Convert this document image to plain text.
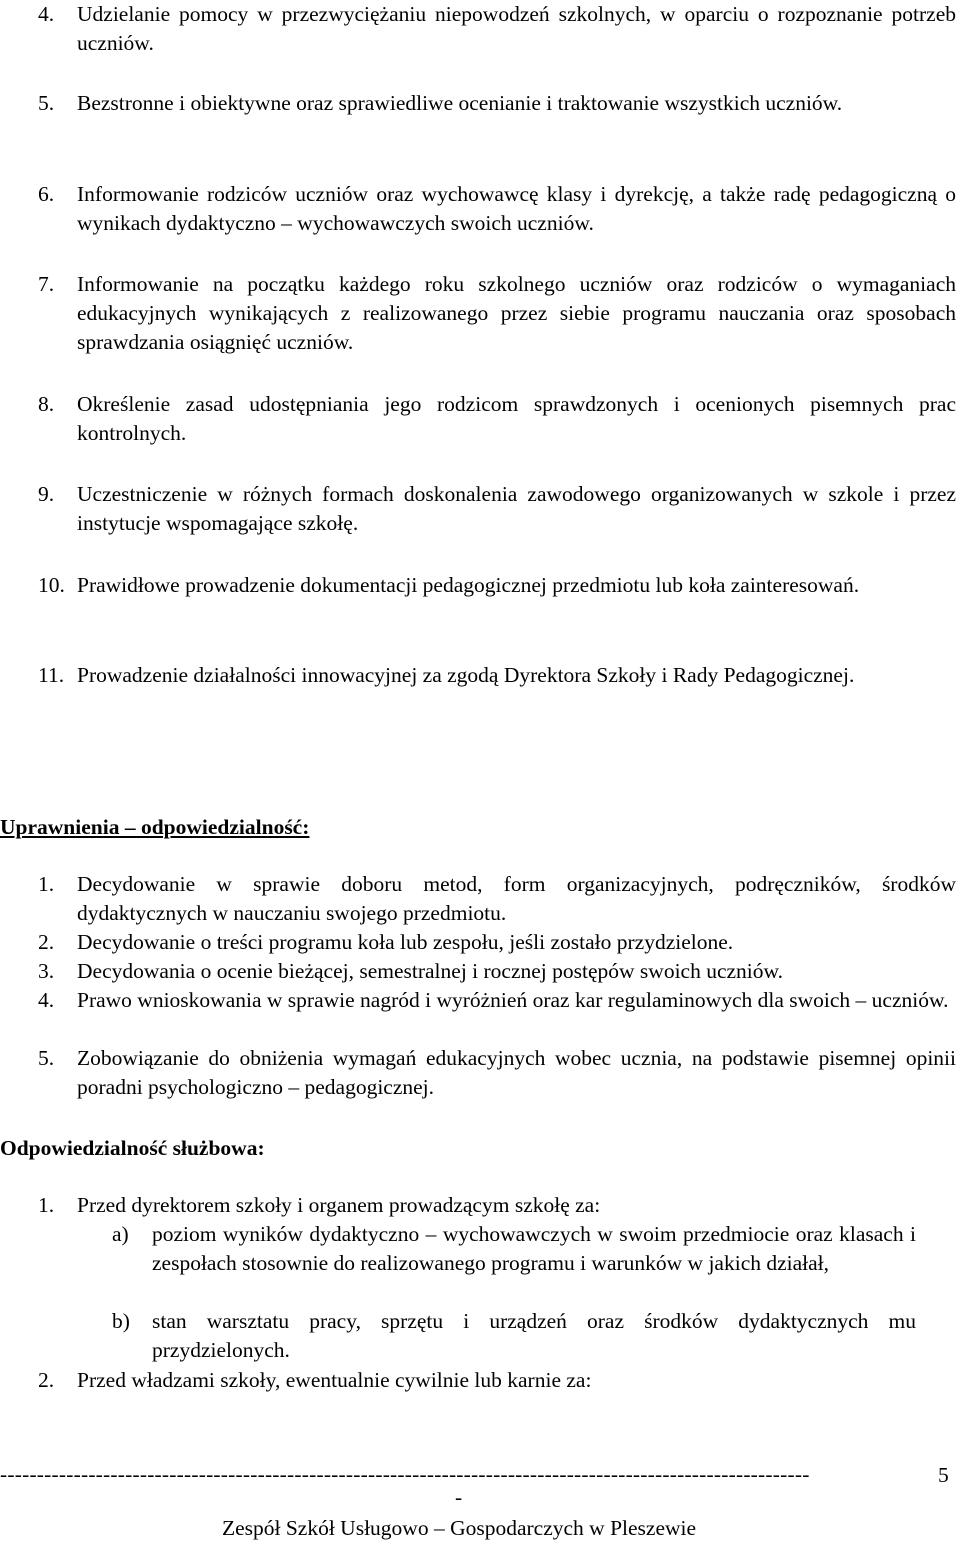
4.	Udzielanie pomocy w przezwyciężaniu niepowodzeń szkolnych, w oparciu o rozpoznanie potrzeb uczniów.
5.	Bezstronne i obiektywne oraz sprawiedliwe ocenianie i traktowanie wszystkich uczniów.
6.	Informowanie rodziców uczniów oraz wychowawcę klasy i dyrekcję, a także radę pedagogiczną o wynikach dydaktyczno – wychowawczych swoich uczniów.
7.	Informowanie na początku każdego roku szkolnego uczniów oraz rodziców o wymaganiach edukacyjnych wynikających z realizowanego przez siebie programu nauczania oraz sposobach sprawdzania osiągnięć uczniów.
8.	Określenie zasad udostępniania jego rodzicom sprawdzonych i ocenionych pisemnych prac kontrolnych.
9.	Uczestniczenie w różnych formach doskonalenia zawodowego organizowanych w szkole i przez instytucje wspomagające szkołę.
10. Prawidłowe prowadzenie dokumentacji pedagogicznej przedmiotu lub koła zainteresowań.
11. Prowadzenie działalności innowacyjnej za zgodą Dyrektora Szkoły i Rady Pedagogicznej.
Uprawnienia – odpowiedzialność:
1.	Decydowanie w sprawie doboru metod, form organizacyjnych, podręczników, środków dydaktycznych w nauczaniu swojego przedmiotu.
2.	Decydowanie o treści programu koła lub zespołu, jeśli zostało przydzielone.
3.	Decydowania o ocenie bieżącej, semestralnej i rocznej postępów swoich uczniów.
4.	Prawo wnioskowania w sprawie nagród i wyróżnień oraz kar regulaminowych dla swoich – uczniów.
5.	Zobowiązanie do obniżenia wymagań edukacyjnych wobec ucznia, na podstawie pisemnej opinii poradni psychologiczno – pedagogicznej.
Odpowiedzialność służbowa:
1.	Przed dyrektorem szkoły i organem prowadzącym szkołę za:
a)	poziom wyników dydaktyczno – wychowawczych w swoim przedmiocie oraz klasach i zespołach stosownie do realizowanego programu i warunków w jakich działał,
b)	stan warsztatu pracy, sprzętu i urządzeń oraz środków dydaktycznych mu przydzielonych.
2.	Przed władzami szkoły, ewentualnie cywilnie lub karnie za:
--------------------------------------------------------------------------------------------------------------
-
5
Zespół Szkół Usługowo – Gospodarczych w Pleszewie
